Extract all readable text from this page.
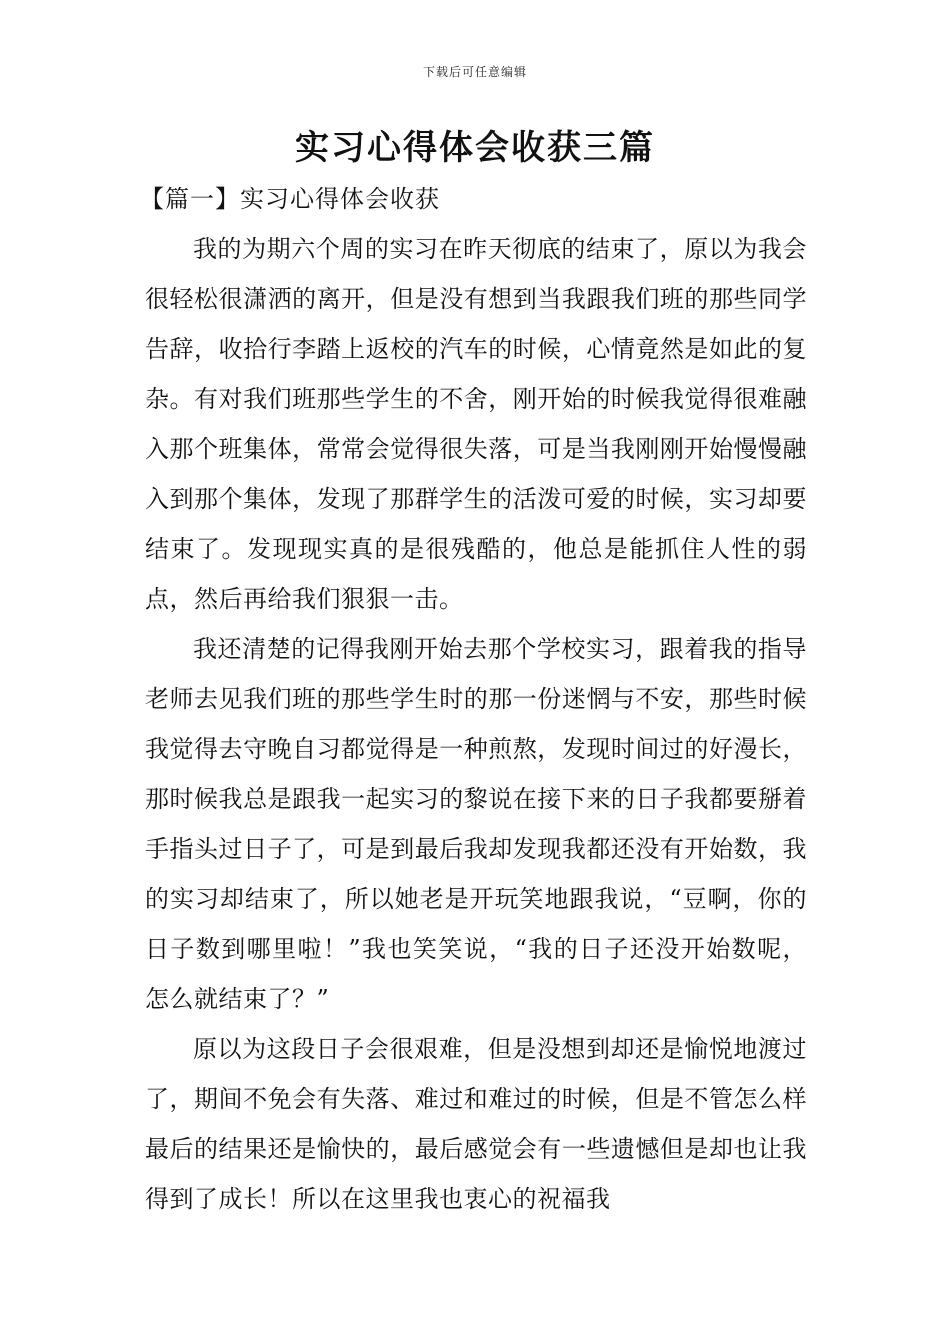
下载后可任意编辑
实习心得体会收获三篇
【篇一】实习心得体会收获

我的为期六个周的实习在昨天彻底的结束了，原以为我会很轻松很潇洒的离开，但是没有想到当我跟我们班的那些同学告辞，收拾行李踏上返校的汽车的时候，心情竟然是如此的复杂。有对我们班那些学生的不舍，刚开始的时候我觉得很难融入那个班集体，常常会觉得很失落，可是当我刚刚开始慢慢融入到那个集体，发现了那群学生的活泼可爱的时候，实习却要结束了。发现现实真的是很残酷的，他总是能抓住人性的弱点，然后再给我们狠狠一击。

我还清楚的记得我刚开始去那个学校实习，跟着我的指导老师去见我们班的那些学生时的那一份迷惘与不安，那些时候我觉得去守晚自习都觉得是一种煎熬，发现时间过的好漫长，那时候我总是跟我一起实习的黎说在接下来的日子我都要掰着手指头过日子了，可是到最后我却发现我都还没有开始数，我的实习却结束了，所以她老是开玩笑地跟我说，“豆啊，你的日子数到哪里啦！”我也笑笑说，“我的日子还没开始数呢，怎么就结束了？”

原以为这段日子会很艰难，但是没想到却还是愉悦地渡过了，期间不免会有失落、难过和难过的时候，但是不管怎么样最后的结果还是愉快的，最后感觉会有一些遗憾但是却也让我得到了成长！所以在这里我也衷心的祝福我
